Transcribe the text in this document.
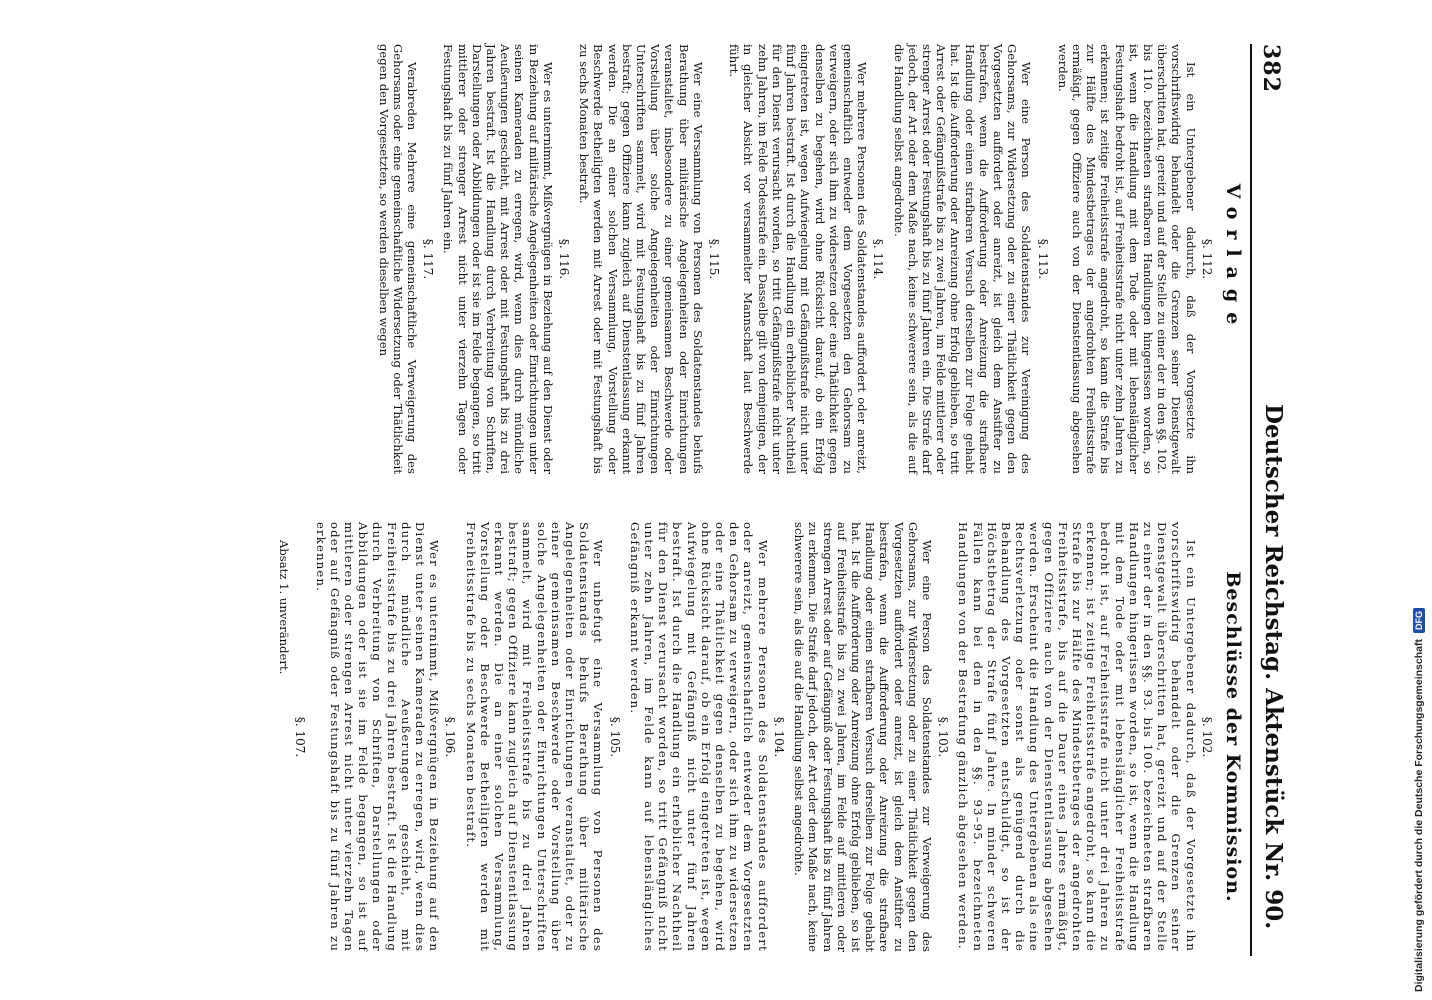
382
Deutscher Reichstag. Aktenstück Nr. 90.
Vorlage
§. 112.

Ist ein Untergebener dadurch, daß der Vorgesetzte ihn vorschriftswidrig behandelt oder die Grenzen seiner Dienstgewalt überschritten hat, gereizt und auf der Stelle zu einer der in den §§. 102. bis 110. bezeichneten strafbaren Handlungen hingerissen worden, so ist, wenn die Handlung mit dem Tode oder mit lebenslänglicher Festungshaft bedroht ist, auf Freiheitsstrafe nicht unter zehn Jahren zu erkennen; ist zeitige Freiheitsstrafe angedroht, so kann die Strafe bis zur Hälfte des Mindestbetrages der angedrohten Freiheitsstrafe ermäßigt, gegen Offiziere auch von der Dienstentlassung abgesehen werden.

§. 113.

Wer eine Person des Soldatenstandes zur Vereinigung des Gehorsams, zur Widersetzung oder zu einer Thätlichkeit gegen den Vorgesetzten auffordert oder anreizt, ist gleich dem Anstifter zu bestrafen, wenn die Aufforderung oder Anreizung die strafbare Handlung oder einen strafbaren Versuch derselben zur Folge gehabt hat. Ist die Aufforderung oder Anreizung ohne Erfolg geblieben, so tritt Arrest oder Gefängnißstrafe bis zu zwei Jahren, im Felde mittlerer oder strenger Arrest oder Festungshaft bis zu fünf Jahren ein. Die Strafe darf jedoch, der Art oder dem Maße nach, keine schwerere sein, als die auf die Handlung selbst angedrohte.

§. 114.

Wer mehrere Personen des Soldatenstandes auffordert oder anreizt, gemeinschaftlich entweder dem Vorgesetzten den Gehorsam zu verweigern, oder sich ihm zu widersetzen oder eine Thätlichkeit gegen denselben zu begehen, wird ohne Rücksicht darauf, ob ein Erfolg eingetreten ist, wegen Aufwiegelung mit Gefängnißstrafe nicht unter fünf Jahren bestraft. Ist durch die Handlung ein erheblicher Nachtheil für den Dienst verursacht worden, so tritt Gefängnißstrafe nicht unter zehn Jahren, im Felde Todesstrafe ein. Dasselbe gilt von demjenigen, der in gleicher Absicht vor versammelter Mannschaft laut Beschwerde führt.

§. 115.

Wer eine Versammlung von Personen des Soldatenstandes behufs Berathung über militärische Angelegenheiten oder Einrichtungen veranstaltet, insbesondere zu einer gemeinsamen Beschwerde oder Vorstellung über solche Angelegenheiten oder Einrichtungen Unterschriften sammelt, wird mit Festungshaft bis zu fünf Jahren bestraft; gegen Offiziere kann zugleich auf Dienstentlassung erkannt werden. Die an einer solchen Versammlung, Vorstellung oder Beschwerde Betheiligten werden mit Arrest oder mit Festungshaft bis zu sechs Monaten bestraft.

§. 116.

Wer es unternimmt, Mißvergnügen in Beziehung auf den Dienst oder in Beziehung auf militärische Angelegenheiten oder Einrichtungen unter seinen Kameraden zu erregen, wird, wenn dies durch mündliche Aeußerungen geschieht, mit Arrest oder mit Festungshaft bis zu drei Jahren bestraft. Ist die Handlung durch Verbreitung von Schriften, Darstellungen oder Abbildungen oder ist sie im Felde begangen, so tritt mittlerer oder strenger Arrest nicht unter vierzehn Tagen oder Festungshaft bis zu fünf Jahren ein.

§. 117.

Verabreden Mehrere eine gemeinschaftliche Verweigerung des Gehorsams oder eine gemeinschaftliche Widersetzung oder Thätlichkeit gegen den Vorgesetzten, so werden dieselben wegen

Beschlüsse der Kommission.
§. 102.

Ist ein Untergebener dadurch, daß der Vorgesetzte ihn vorschriftswidrig behandelt oder die Grenzen seiner Dienstgewalt überschritten hat, gereizt und auf der Stelle zu einer der in den §§. 93. bis 100. bezeichneten strafbaren Handlungen hingerissen worden, so ist, wenn die Handlung mit dem Tode oder mit lebenslänglicher Freiheitsstrafe bedroht ist, auf Freiheitsstrafe nicht unter drei Jahren zu erkennen; ist zeitige Freiheitsstrafe angedroht, so kann die Strafe bis zur Hälfte des Mindestbetrages der angedrohten Freiheitsstrafe, bis auf die Dauer eines Jahres ermäßigt, gegen Offiziere auch von der Dienstentlassung abgesehen werden. Erscheint die Handlung des Untergebenen als eine Rechtsverletzung oder sonst als genügend durch die Behandlung des Vorgesetzten entschuldigt, so ist der Höchstbetrag der Strafe fünf Jahre. In minder schweren Fällen kann bei den in den §§. 93–95. bezeichneten Handlungen von der Bestrafung gänzlich abgesehen werden.

§. 103.

Wer eine Person des Soldatenstandes zur Verweigerung des Gehorsams, zur Widersetzung oder zu einer Thätlichkeit gegen den Vorgesetzten auffordert oder anreizt, ist gleich dem Anstifter zu bestrafen, wenn die Aufforderung oder Anreizung die strafbare Handlung oder einen strafbaren Versuch derselben zur Folge gehabt hat. Ist die Aufforderung oder Anreizung ohne Erfolg geblieben, so ist auf Freiheitsstrafe bis zu zwei Jahren, im Felde auf mittleren oder strengen Arrest oder auf Gefängniß oder Festungshaft bis zu fünf Jahren zu erkennen. Die Strafe darf jedoch, der Art oder dem Maße nach, keine schwerere sein, als die auf die Handlung selbst angedrohte.

§. 104.

Wer mehrere Personen des Soldatenstandes auffordert oder anreizt, gemeinschaftlich entweder dem Vorgesetzten den Gehorsam zu verweigern, oder sich ihm zu widersetzen oder eine Thätlichkeit gegen denselben zu begehen, wird ohne Rücksicht darauf, ob ein Erfolg eingetreten ist, wegen Aufwiegelung mit Gefängniß nicht unter fünf Jahren bestraft. Ist durch die Handlung ein erheblicher Nachtheil für den Dienst verursacht worden, so tritt Gefängniß nicht unter zehn Jahren, im Felde kann auf lebenslängliches Gefängniß erkannt werden.

§. 105.

Wer unbefugt eine Versammlung von Personen des Soldatenstandes behufs Berathung über militärische Angelegenheiten oder Einrichtungen veranstaltet, oder zu einer gemeinsamen Beschwerde oder Vorstellung über solche Angelegenheiten oder Einrichtungen Unterschriften sammelt, wird mit Freiheitsstrafe bis zu drei Jahren bestraft; gegen Offiziere kann zugleich auf Dienstentlassung erkannt werden. Die an einer solchen Versammlung, Vorstellung oder Beschwerde Betheiligten werden mit Freiheitsstrafe bis zu sechs Monaten bestraft.

§. 106.

Wer es unternimmt, Mißvergnügen in Beziehung auf den Dienst unter seinen Kameraden zu erregen, wird, wenn dies durch mündliche Aeußerungen geschieht, mit Freiheitsstrafe bis zu drei Jahren bestraft. Ist die Handlung durch Verbreitung von Schriften, Darstellungen oder Abbildungen oder ist sie im Felde begangen, so ist auf mittleren oder strengen Arrest nicht unter vierzehn Tagen oder auf Gefängniß oder Festungshaft bis zu fünf Jahren zu erkennen.

§. 107.

Absatz 1. unverändert.

Digitalisierung gefördert durch die Deutsche Forschungsgemeinschaft
DFG
